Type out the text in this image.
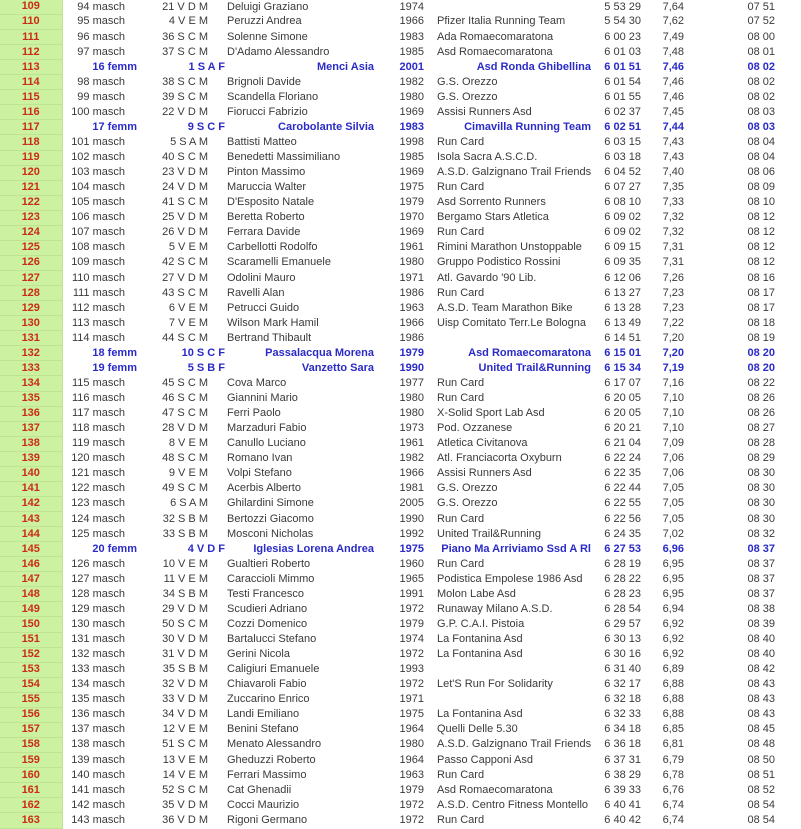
109	94 masch	21 V D M	Deluigi Graziano	1974		5 53 29	7,64	07 51
110	95 masch	4 V E M	Peruzzi Andrea	1966	Pfizer Italia Running Team	5 54 30	7,62	07 52
111	96 masch	36 S C M	Solenne Simone	1983	Ada Romaecomaratona	6 00 23	7,49	08 00
112	97 masch	37 S C M	D'Adamo Alessandro	1985	Asd Romaecomaratona	6 01 03	7,48	08 01
113	16 femm	1 S A F	Menci Asia	2001	Asd Ronda Ghibellina	6 01 51	7,46	08 02
114	98 masch	38 S C M	Brignoli Davide	1982	G.S. Orezzo	6 01 54	7,46	08 02
115	99 masch	39 S C M	Scandella Floriano	1980	G.S. Orezzo	6 01 55	7,46	08 02
116	100 masch	22 V D M	Fiorucci Fabrizio	1969	Assisi Runners Asd	6 02 37	7,45	08 03
117	17 femm	9 S C F	Carobolante Silvia	1983	Cimavilla Running Team	6 02 51	7,44	08 03
118	101 masch	5 S A M	Battisti Matteo	1998	Run Card	6 03 15	7,43	08 04
119	102 masch	40 S C M	Benedetti Massimiliano	1985	Isola Sacra A.S.C.D.	6 03 18	7,43	08 04
120	103 masch	23 V D M	Pinton Massimo	1969	A.S.D. Galzignano Trail Friends	6 04 52	7,40	08 06
121	104 masch	24 V D M	Maruccia Walter	1975	Run Card	6 07 27	7,35	08 09
122	105 masch	41 S C M	D'Esposito Natale	1979	Asd Sorrento Runners	6 08 10	7,33	08 10
123	106 masch	25 V D M	Beretta Roberto	1970	Bergamo Stars Atletica	6 09 02	7,32	08 12
124	107 masch	26 V D M	Ferrara Davide	1969	Run Card	6 09 02	7,32	08 12
125	108 masch	5 V E M	Carbellotti Rodolfo	1961	Rimini Marathon Unstoppable	6 09 15	7,31	08 12
126	109 masch	42 S C M	Scaramelli Emanuele	1980	Gruppo Podistico Rossini	6 09 35	7,31	08 12
127	110 masch	27 V D M	Odolini Mauro	1971	Atl. Gavardo '90 Lib.	6 12 06	7,26	08 16
128	111 masch	43 S C M	Ravelli Alan	1986	Run Card	6 13 27	7,23	08 17
129	112 masch	6 V E M	Petrucci Guido	1963	A.S.D. Team Marathon Bike	6 13 28	7,23	08 17
130	113 masch	7 V E M	Wilson Mark Hamil	1966	Uisp Comitato Terr.Le Bologna	6 13 49	7,22	08 18
131	114 masch	44 S C M	Bertrand Thibault	1986		6 14 51	7,20	08 19
132	18 femm	10 S C F	Passalacqua Morena	1979	Asd Romaecomaratona	6 15 01	7,20	08 20
133	19 femm	5 S B F	Vanzetto Sara	1990	United Trail&Running	6 15 34	7,19	08 20
134	115 masch	45 S C M	Cova Marco	1977	Run Card	6 17 07	7,16	08 22
135	116 masch	46 S C M	Giannini Mario	1980	Run Card	6 20 05	7,10	08 26
136	117 masch	47 S C M	Ferri Paolo	1980	X-Solid Sport Lab Asd	6 20 05	7,10	08 26
137	118 masch	28 V D M	Marzaduri Fabio	1973	Pod. Ozzanese	6 20 21	7,10	08 27
138	119 masch	8 V E M	Canullo Luciano	1961	Atletica Civitanova	6 21 04	7,09	08 28
139	120 masch	48 S C M	Romano Ivan	1982	Atl. Franciacorta Oxyburn	6 22 24	7,06	08 29
140	121 masch	9 V E M	Volpi Stefano	1966	Assisi Runners Asd	6 22 35	7,06	08 30
141	122 masch	49 S C M	Acerbis Alberto	1981	G.S. Orezzo	6 22 44	7,05	08 30
142	123 masch	6 S A M	Ghilardini Simone	2005	G.S. Orezzo	6 22 55	7,05	08 30
143	124 masch	32 S B M	Bertozzi Giacomo	1990	Run Card	6 22 56	7,05	08 30
144	125 masch	33 S B M	Mosconi Nicholas	1992	United Trail&Running	6 24 35	7,02	08 32
145	20 femm	4 V D F	Iglesias Lorena Andrea	1975	Piano Ma Arriviamo Ssd A Rl	6 27 53	6,96	08 37
146	126 masch	10 V E M	Gualtieri Roberto	1960	Run Card	6 28 19	6,95	08 37
147	127 masch	11 V E M	Caraccioli Mimmo	1965	Podistica Empolese 1986 Asd	6 28 22	6,95	08 37
148	128 masch	34 S B M	Testi Francesco	1991	Molon Labe Asd	6 28 23	6,95	08 37
149	129 masch	29 V D M	Scudieri Adriano	1972	Runaway Milano A.S.D.	6 28 54	6,94	08 38
150	130 masch	50 S C M	Cozzi Domenico	1979	G.P. C.A.I. Pistoia	6 29 57	6,92	08 39
151	131 masch	30 V D M	Bartalucci Stefano	1974	La Fontanina Asd	6 30 13	6,92	08 40
152	132 masch	31 V D M	Gerini Nicola	1972	La Fontanina Asd	6 30 16	6,92	08 40
153	133 masch	35 S B M	Caligiuri Emanuele	1993		6 31 40	6,89	08 42
154	134 masch	32 V D M	Chiavaroli Fabio	1972	Let'S Run For Solidarity	6 32 17	6,88	08 43
155	135 masch	33 V D M	Zuccarino Enrico	1971		6 32 18	6,88	08 43
156	136 masch	34 V D M	Landi Emiliano	1975	La Fontanina Asd	6 32 33	6,88	08 43
157	137 masch	12 V E M	Benini Stefano	1964	Quelli Delle 5.30	6 34 18	6,85	08 45
158	138 masch	51 S C M	Menato Alessandro	1980	A.S.D. Galzignano Trail Friends	6 36 18	6,81	08 48
159	139 masch	13 V E M	Gheduzzi Roberto	1964	Passo Capponi Asd	6 37 31	6,79	08 50
160	140 masch	14 V E M	Ferrari Massimo	1963	Run Card	6 38 29	6,78	08 51
161	141 masch	52 S C M	Cat Ghenadii	1979	Asd Romaecomaratona	6 39 33	6,76	08 52
162	142 masch	35 V D M	Cocci Maurizio	1972	A.S.D. Centro Fitness Montello	6 40 41	6,74	08 54
163	143 masch	36 V D M	Rigoni Germano	1972	Run Card	6 40 42	6,74	08 54
